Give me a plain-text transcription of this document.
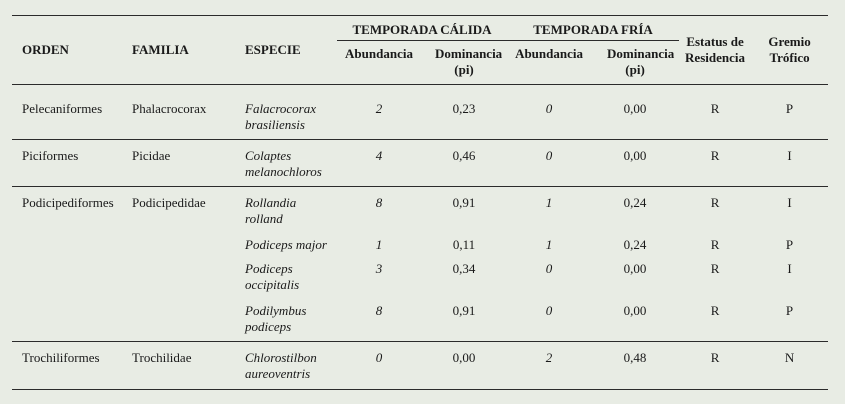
ORDEN FAMILIA ESPECIE			TEMPORADA CÁLIDA		TEMPORADA FRÍA		Estatus de Residencia	Gremio Trófico
			Abundancia	Dominancia (pi)	Abundancia	Dominancia (pi)		

Pelecaniformes	Phalacrocorax	Falacrocorax brasiliensis	2	0,23	0	0,00	R	P
Piciformes	Picidae	Colaptes melanochloros	4	0,46	0	0,00	R	I
Podicipediformes	Podicipedidae	Rollandia rolland	8	0,91	1	0,24	R	I
		Podiceps major	1	0,11	1	0,24	R	P
		Podiceps occipitalis	3	0,34	0	0,00	R	I
		Podilymbus podiceps	8	0,91	0	0,00	R	P
Trochiliformes	Trochilidae	Chlorostilbon aureoventris	0	0,00	2	0,48	R	N
